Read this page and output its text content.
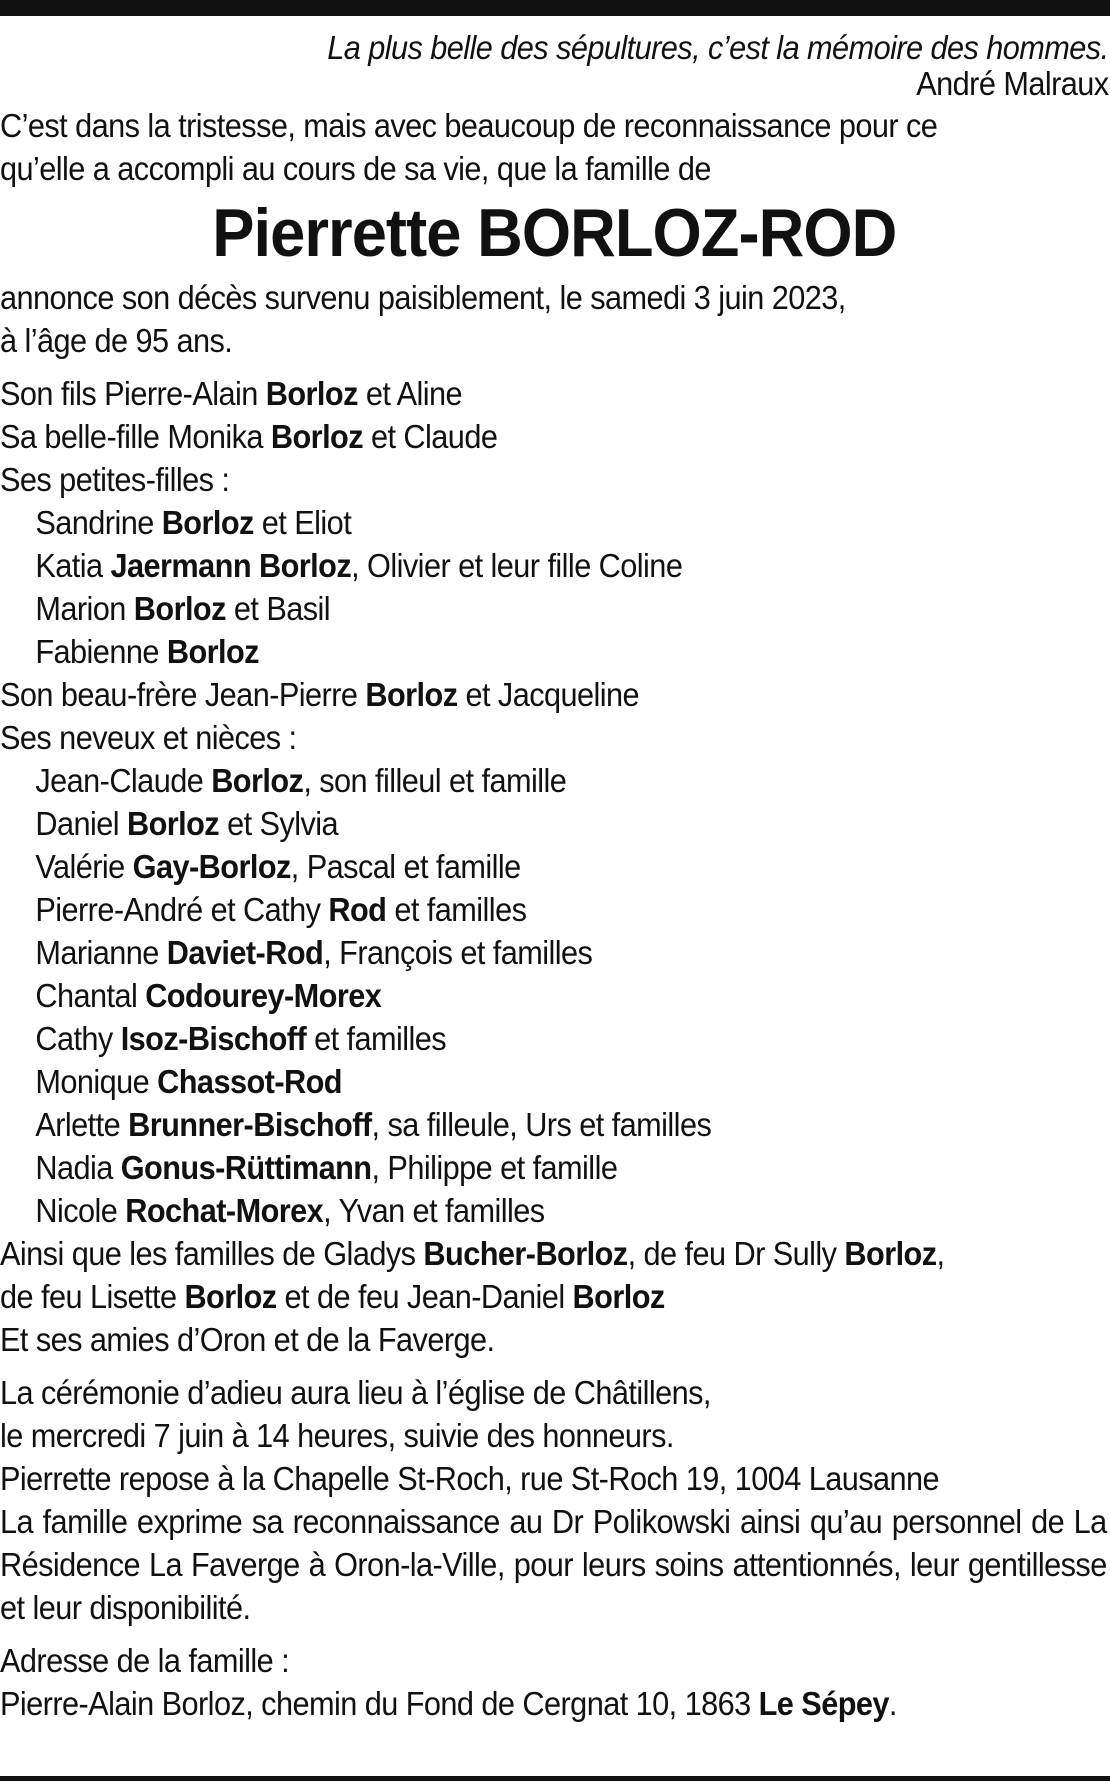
La plus belle des sépultures, c’est la mémoire des hommes.

André Malraux

C’est dans la tristesse, mais avec beaucoup de reconnaissance pour ce

qu’elle a accompli au cours de sa vie, que la famille de

Pierrette BORLOZ-ROD

annonce son décès survenu paisiblement, le samedi 3 juin 2023,

à l’âge de 95 ans.

Son fils Pierre-Alain Borloz et Aline

Sa belle-fille Monika Borloz et Claude

Ses petites-filles :

Sandrine Borloz et Eliot

Katia Jaermann Borloz, Olivier et leur fille Coline

Marion Borloz et Basil

Fabienne Borloz

Son beau-frère Jean-Pierre Borloz et Jacqueline

Ses neveux et nièces :

Jean-Claude Borloz, son filleul et famille

Daniel Borloz et Sylvia

Valérie Gay-Borloz, Pascal et famille

Pierre-André et Cathy Rod et familles

Marianne Daviet-Rod, François et familles

Chantal Codourey-Morex

Cathy Isoz-Bischoff et familles

Monique Chassot-Rod

Arlette Brunner-Bischoff, sa filleule, Urs et familles

Nadia Gonus-Rüttimann, Philippe et famille

Nicole Rochat-Morex, Yvan et familles

Ainsi que les familles de Gladys Bucher-Borloz, de feu Dr Sully Borloz,

de feu Lisette Borloz et de feu Jean-Daniel Borloz

Et ses amies d’Oron et de la Faverge.

La cérémonie d’adieu aura lieu à l’église de Châtillens,

le mercredi 7 juin à 14 heures, suivie des honneurs.

Pierrette repose à la Chapelle St-Roch, rue St-Roch 19, 1004 Lausanne

La famille exprime sa reconnaissance au Dr Polikowski ainsi qu’au personnel de La Résidence La Faverge à Oron-la-Ville, pour leurs soins attentionnés, leur gentillesse et leur disponibilité.

Adresse de la famille :

Pierre-Alain Borloz, chemin du Fond de Cergnat 10, 1863 Le Sépey.
